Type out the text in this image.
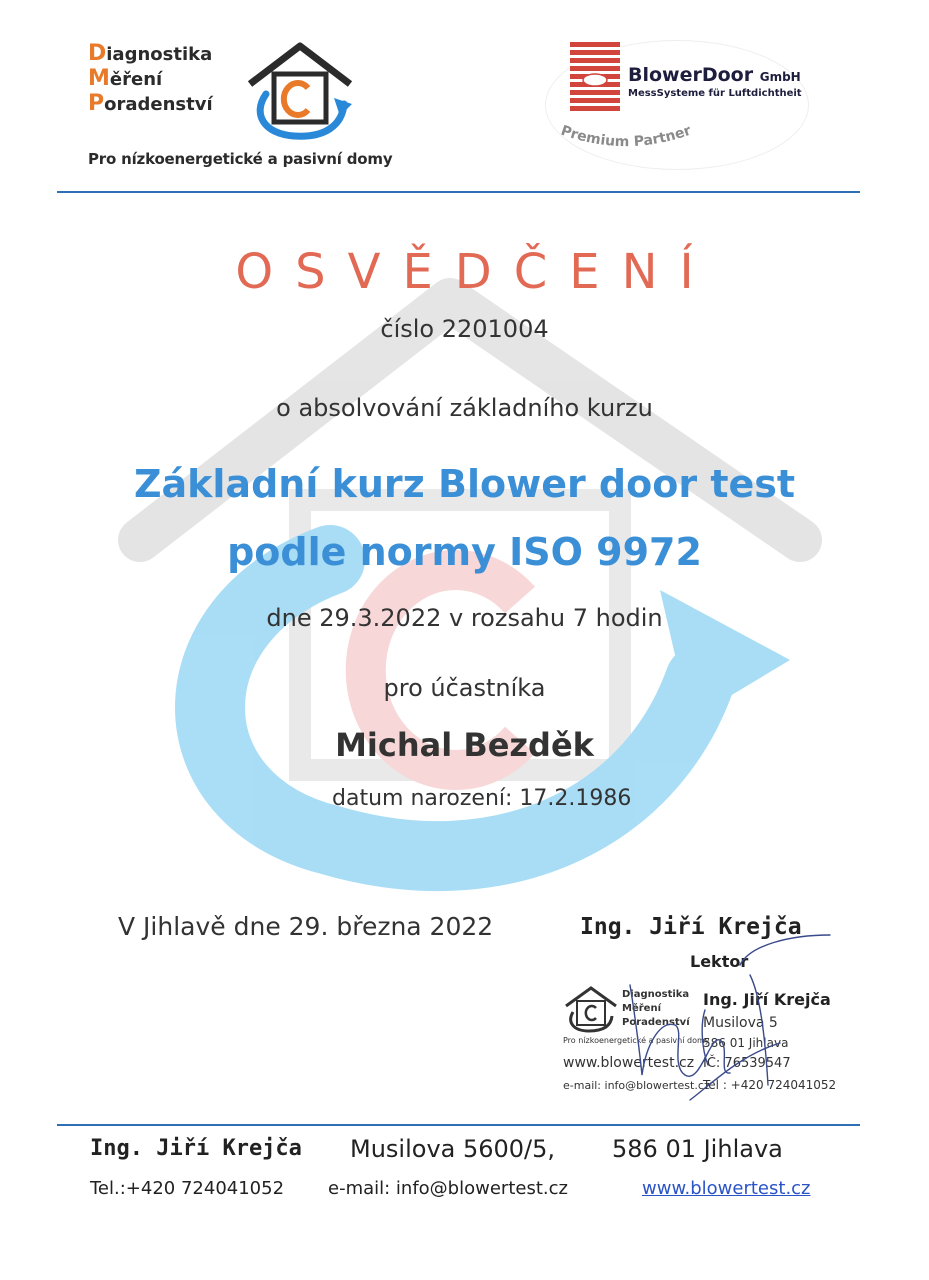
Diagnostika
Měření
Poradenství
Pro nízkoenergetické a pasivní domy
BlowerDoor GmbH
MessSysteme für Luftdichtheit
Premium Partner
OSVĚDČENÍ
číslo 2201004
o absolvování základního kurzu
Základní kurz Blower door test
podle normy ISO 9972
dne 29.3.2022 v rozsahu 7 hodin
pro účastníka
Michal Bezděk
datum narození: 17.2.1986
V Jihlavě dne 29. března 2022	Ing. Jiří Krejča
Lektor
Diagnostika
Měření
Poradenství
Pro nízkoenergetické a pasivní domy
Ing. Jiří Krejča
Musilova 5
586 01 Jihlava
www.blowertest.cz IČ: 76539547
e-mail: info@blowertest.cz
Tel : +420 724041052
Ing. Jiří Krejča Musilova 5600/5, 586 01 Jihlava
Tel.:+420 724041052 e-mail: info@blowertest.cz	www.blowertest.cz
